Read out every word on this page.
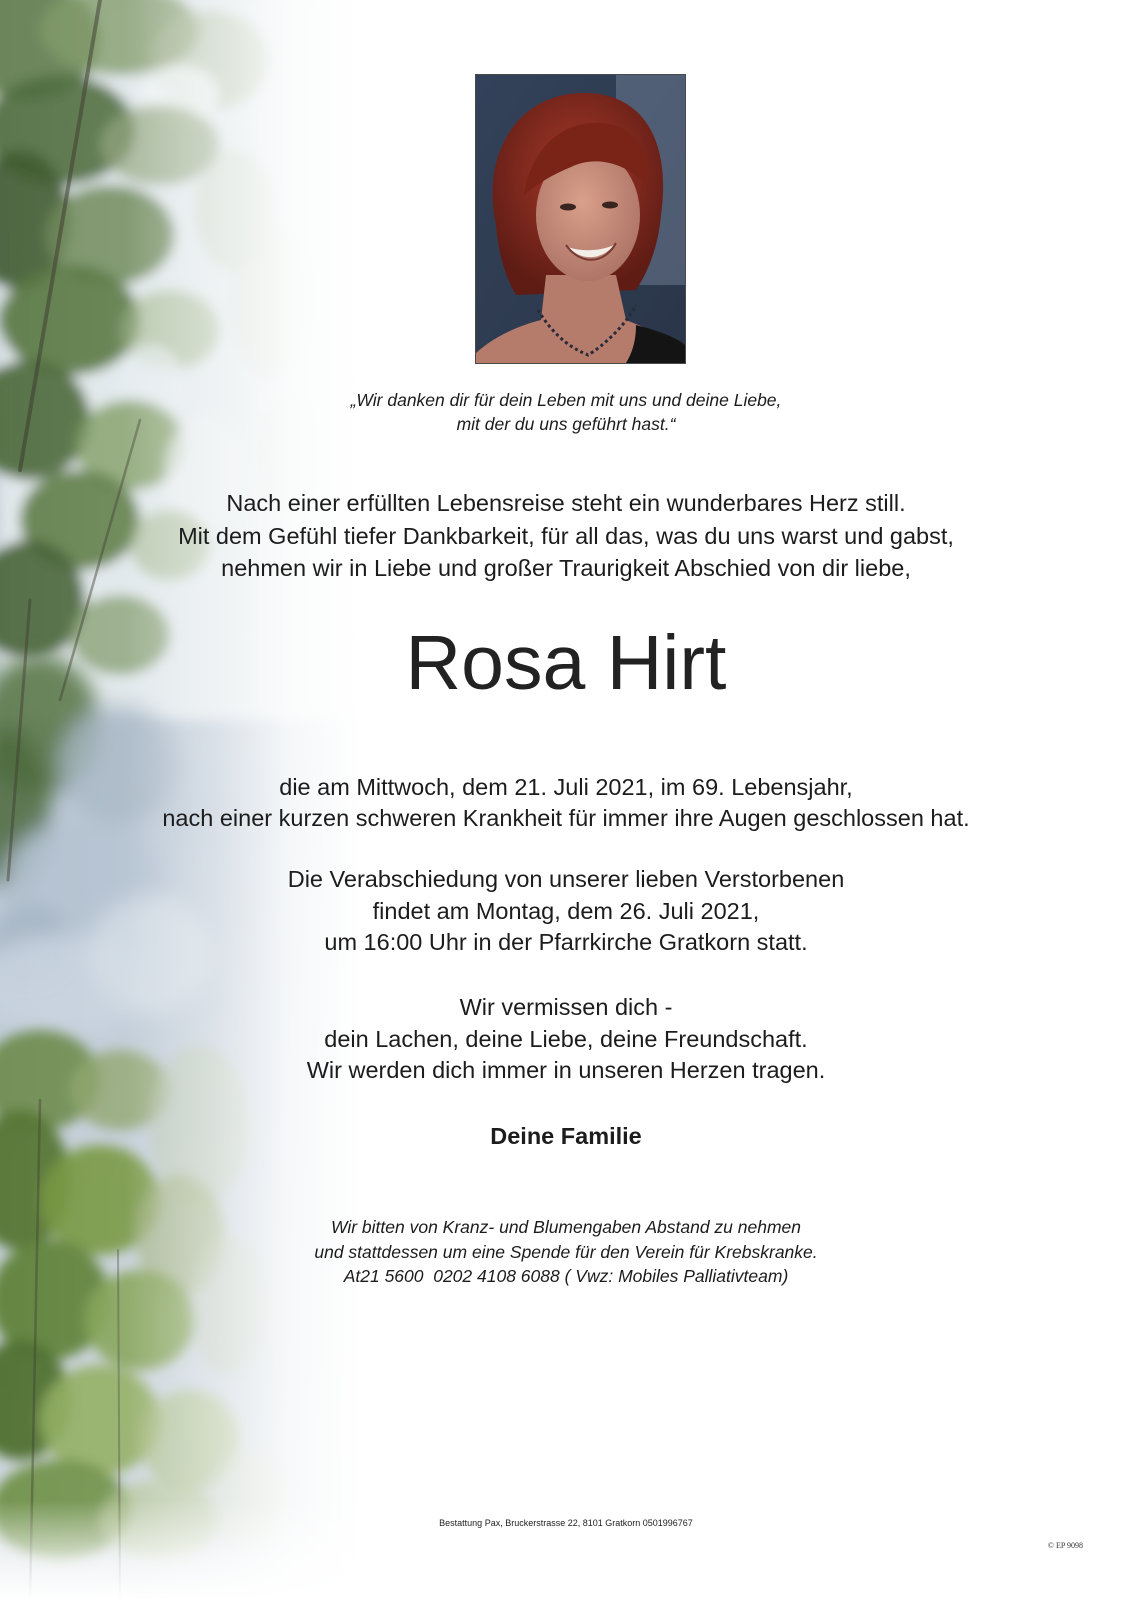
„Wir danken dir für dein Leben mit uns und deine Liebe,
mit der du uns geführt hast.“
Nach einer erfüllten Lebensreise steht ein wunderbares Herz still.
Mit dem Gefühl tiefer Dankbarkeit, für all das, was du uns warst und gabst,
nehmen wir in Liebe und großer Traurigkeit Abschied von dir liebe,
Rosa Hirt
die am Mittwoch, dem 21. Juli 2021, im 69. Lebensjahr,
nach einer kurzen schweren Krankheit für immer ihre Augen geschlossen hat.
Die Verabschiedung von unserer lieben Verstorbenen
findet am Montag, dem 26. Juli 2021,
um 16:00 Uhr in der Pfarrkirche Gratkorn statt.
Wir vermissen dich -
dein Lachen, deine Liebe, deine Freundschaft.
Wir werden dich immer in unseren Herzen tragen.
Deine Familie
Wir bitten von Kranz- und Blumengaben Abstand zu nehmen
und stattdessen um eine Spende für den Verein für Krebskranke.
At21 5600  0202 4108 6088 ( Vwz: Mobiles Palliativteam)
Bestattung Pax, Bruckerstrasse 22, 8101 Gratkorn 0501996767
© EP 9098
